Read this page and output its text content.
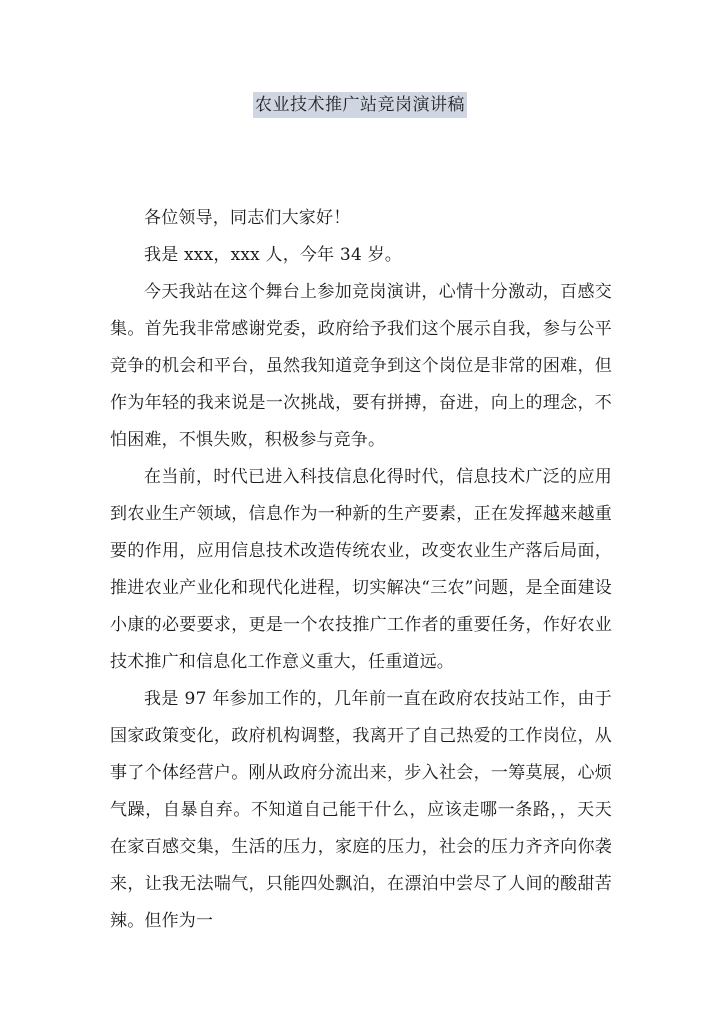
农业技术推广站竞岗演讲稿

各位领导，同志们大家好！

我是 xxx，xxx 人，今年 34 岁。

今天我站在这个舞台上参加竞岗演讲，心情十分激动，百感交集。首先我非常感谢党委，政府给予我们这个展示自我，参与公平竞争的机会和平台，虽然我知道竞争到这个岗位是非常的困难，但作为年轻的我来说是一次挑战，要有拼搏，奋进，向上的理念，不怕困难，不惧失败，积极参与竞争。

在当前，时代已进入科技信息化得时代，信息技术广泛的应用到农业生产领域，信息作为一种新的生产要素，正在发挥越来越重要的作用，应用信息技术改造传统农业，改变农业生产落后局面，推进农业产业化和现代化进程，切实解决“三农”问题，是全面建设小康的必要要求，更是一个农技推广工作者的重要任务，作好农业技术推广和信息化工作意义重大，任重道远。

我是 97 年参加工作的，几年前一直在政府农技站工作，由于国家政策变化，政府机构调整，我离开了自己热爱的工作岗位，从事了个体经营户。刚从政府分流出来，步入社会，一筹莫展，心烦气躁，自暴自弃。不知道自己能干什么，应该走哪一条路，，天天在家百感交集，生活的压力，家庭的压力，社会的压力齐齐向你袭来，让我无法喘气，只能四处飘泊，在漂泊中尝尽了人间的酸甜苦辣。但作为一
